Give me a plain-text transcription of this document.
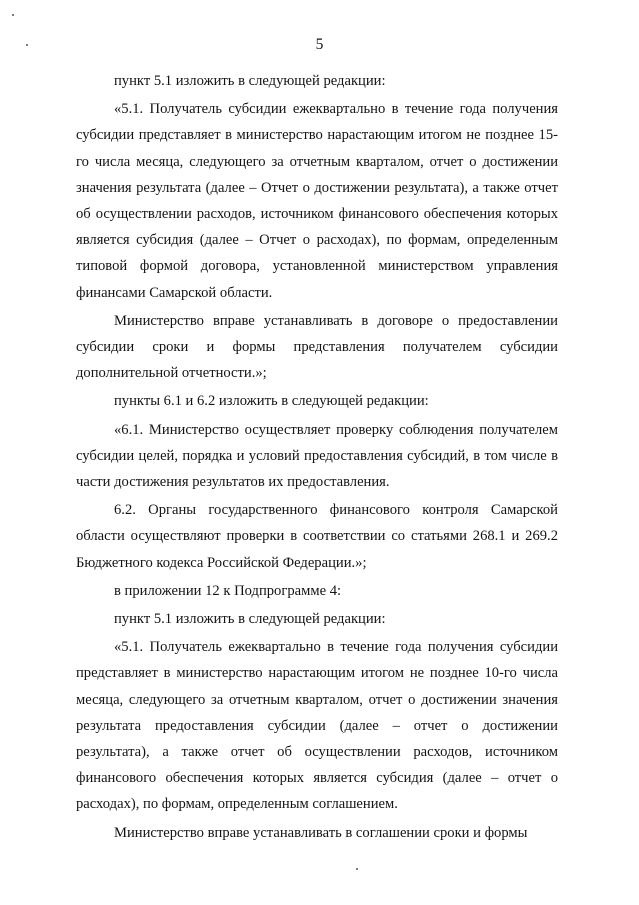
5

пункт 5.1 изложить в следующей редакции:

«5.1. Получатель субсидии ежеквартально в течение года получения субсидии представляет в министерство нарастающим итогом не позднее 15-го числа месяца, следующего за отчетным кварталом, отчет о достижении значения результата (далее – Отчет о достижении результата), а также отчет об осуществлении расходов, источником финансового обеспечения которых является субсидия (далее – Отчет о расходах), по формам, определенным типовой формой договора, установленной министерством управления финансами Самарской области.

Министерство вправе устанавливать в договоре о предоставлении субсидии сроки и формы представления получателем субсидии дополнительной отчетности.»;

пункты 6.1 и 6.2 изложить в следующей редакции:

«6.1. Министерство осуществляет проверку соблюдения получателем субсидии целей, порядка и условий предоставления субсидий, в том числе в части достижения результатов их предоставления.

6.2. Органы государственного финансового контроля Самарской области осуществляют проверки в соответствии со статьями 268.1 и 269.2 Бюджетного кодекса Российской Федерации.»;

в приложении 12 к Подпрограмме 4:

пункт 5.1 изложить в следующей редакции:

«5.1. Получатель ежеквартально в течение года получения субсидии представляет в министерство нарастающим итогом не позднее 10-го числа месяца, следующего за отчетным кварталом, отчет о достижении значения результата предоставления субсидии (далее – отчет о достижении результата), а также отчет об осуществлении расходов, источником финансового обеспечения которых является субсидия (далее – отчет о расходах), по формам, определенным соглашением.

Министерство вправе устанавливать в соглашении сроки и формы
